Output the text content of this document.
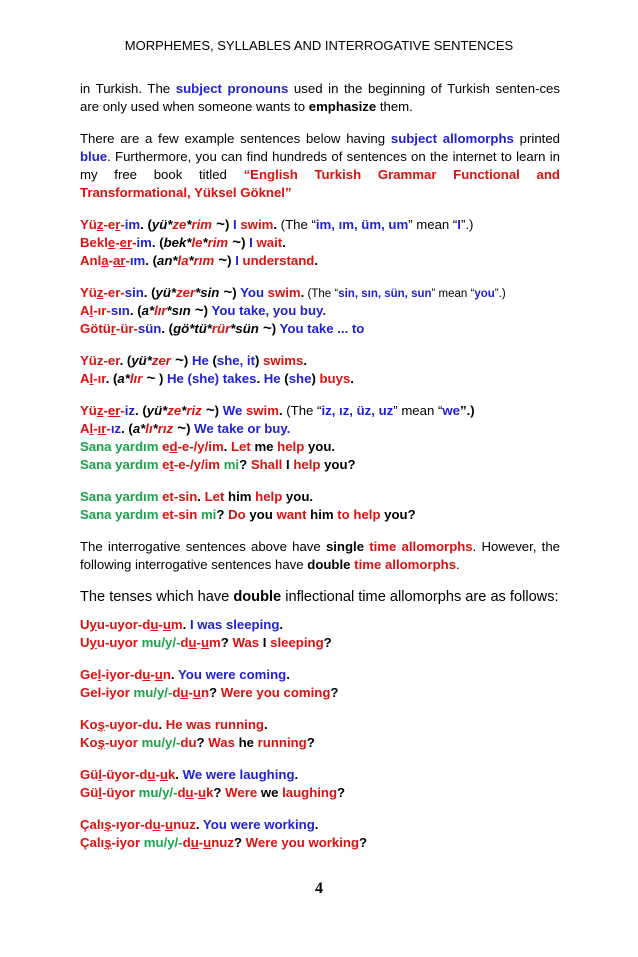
MORPHEMES, SYLLABLES AND INTERROGATIVE SENTENCES

in Turkish. The subject pronouns used in the beginning of Turkish senten-ces are only used when someone wants to emphasize them.

There are a few example sentences below having subject allomorphs printed blue. Furthermore, you can find hundreds of sentences on the internet to learn in my free book titled “English Turkish Grammar Functional and Transformational, Yüksel Göknel”

Yüz-er-im. (yü*ze*rim ~) I swim. (The “im, ım, üm, um” mean “I”.)
Bekle-er-im. (bek*le*rim ~) I wait.
Anla-ar-ım. (an*la*rım ~) I understand.
Yüz-er-sin. (yü*zer*sin ~) You swim. (The “sin, sın, sün, sun” mean “you”.)
Al-ır-sın. (a*lır*sın ~) You take, you buy.
Götür-ür-sün. (gö*tü*rür*sün ~) You take ... to
Yüz-er. (yü*zer ~) He (she, it) swims.
Al-ır. (a*lır ~ ) He (she) takes. He (she) buys.
Yüz-er-iz. (yü*ze*riz ~) We swim. (The “iz, ız, üz, uz” mean “we”.)
Al-ır-ız. (a*lı*rız ~) We take or buy.
Sana yardım ed-e-/y/im. Let me help you.
Sana yardım et-e-/y/im mi? Shall I help you?
Sana yardım et-sin. Let him help you.
Sana yardım et-sin mi? Do you want him to help you?

The interrogative sentences above have single time allomorphs. However, the following interrogative sentences have double time allomorphs.

The tenses which have double inflectional time allomorphs are as follows:

Uyu-uyor-du-um. I was sleeping.
Uyu-uyor mu/y/-du-um? Was I sleeping?
Gel-iyor-du-un. You were coming.
Gel-iyor mu/y/-du-un? Were you coming?
Koş-uyor-du. He was running.
Koş-uyor mu/y/-du? Was he running?
Gül-üyor-du-uk. We were laughing.
Gül-üyor mu/y/-du-uk? Were we laughing?
Çalış-ıyor-du-unuz. You were working.
Çalış-iyor mu/y/-du-unuz? Were you working?
4
